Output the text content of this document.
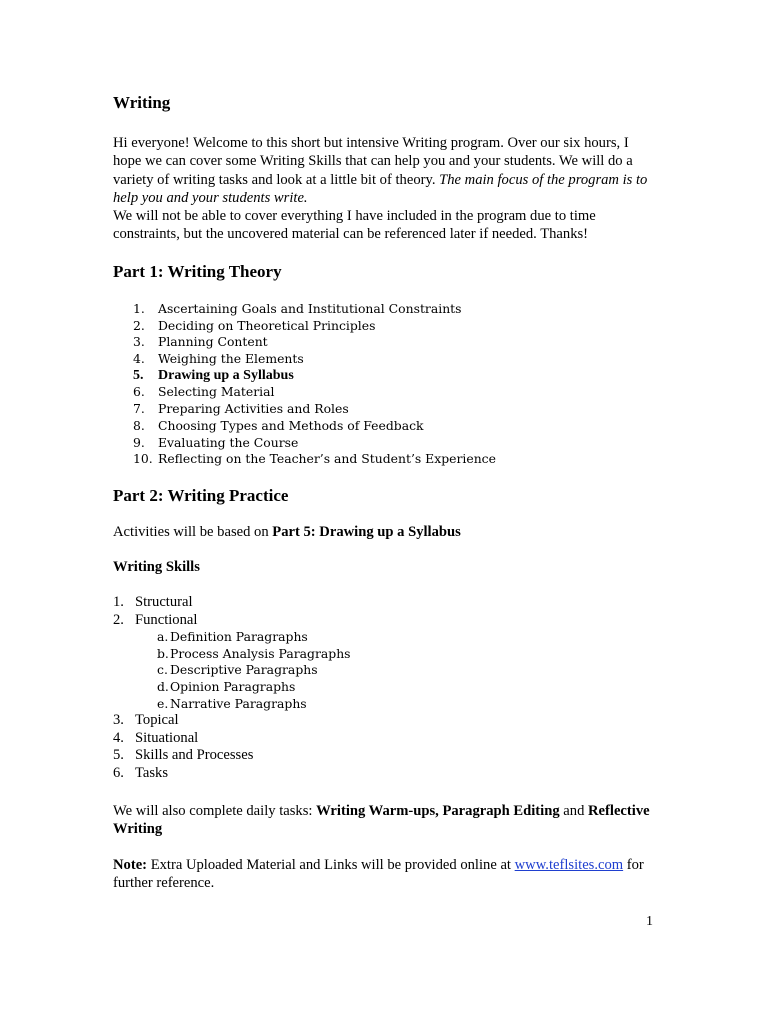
Writing

Hi everyone! Welcome to this short but intensive Writing program. Over our six hours, I hope we can cover some Writing Skills that can help you and your students. We will do a variety of writing tasks and look at a little bit of theory. The main focus of the program is to help you and your students write.

We will not be able to cover everything I have included in the program due to time constraints, but the uncovered material can be referenced later if needed. Thanks!

Part 1: Writing Theory
1. Ascertaining Goals and Institutional Constraints
2. Deciding on Theoretical Principles
3. Planning Content
4. Weighing the Elements
5. Drawing up a Syllabus
6. Selecting Material
7. Preparing Activities and Roles
8. Choosing Types and Methods of Feedback
9. Evaluating the Course
10. Reflecting on the Teacher’s and Student’s Experience
Part 2: Writing Practice
Activities will be based on Part 5: Drawing up a Syllabus
Writing Skills
1. Structural
2. Functional
a. Definition Paragraphs
b. Process Analysis Paragraphs
c. Descriptive Paragraphs
d. Opinion Paragraphs
e. Narrative Paragraphs
3. Topical
4. Situational
5. Skills and Processes
6. Tasks
We will also complete daily tasks: Writing Warm-ups, Paragraph Editing and Reflective Writing
Note: Extra Uploaded Material and Links will be provided online at www.teflsites.com for further reference.
1
